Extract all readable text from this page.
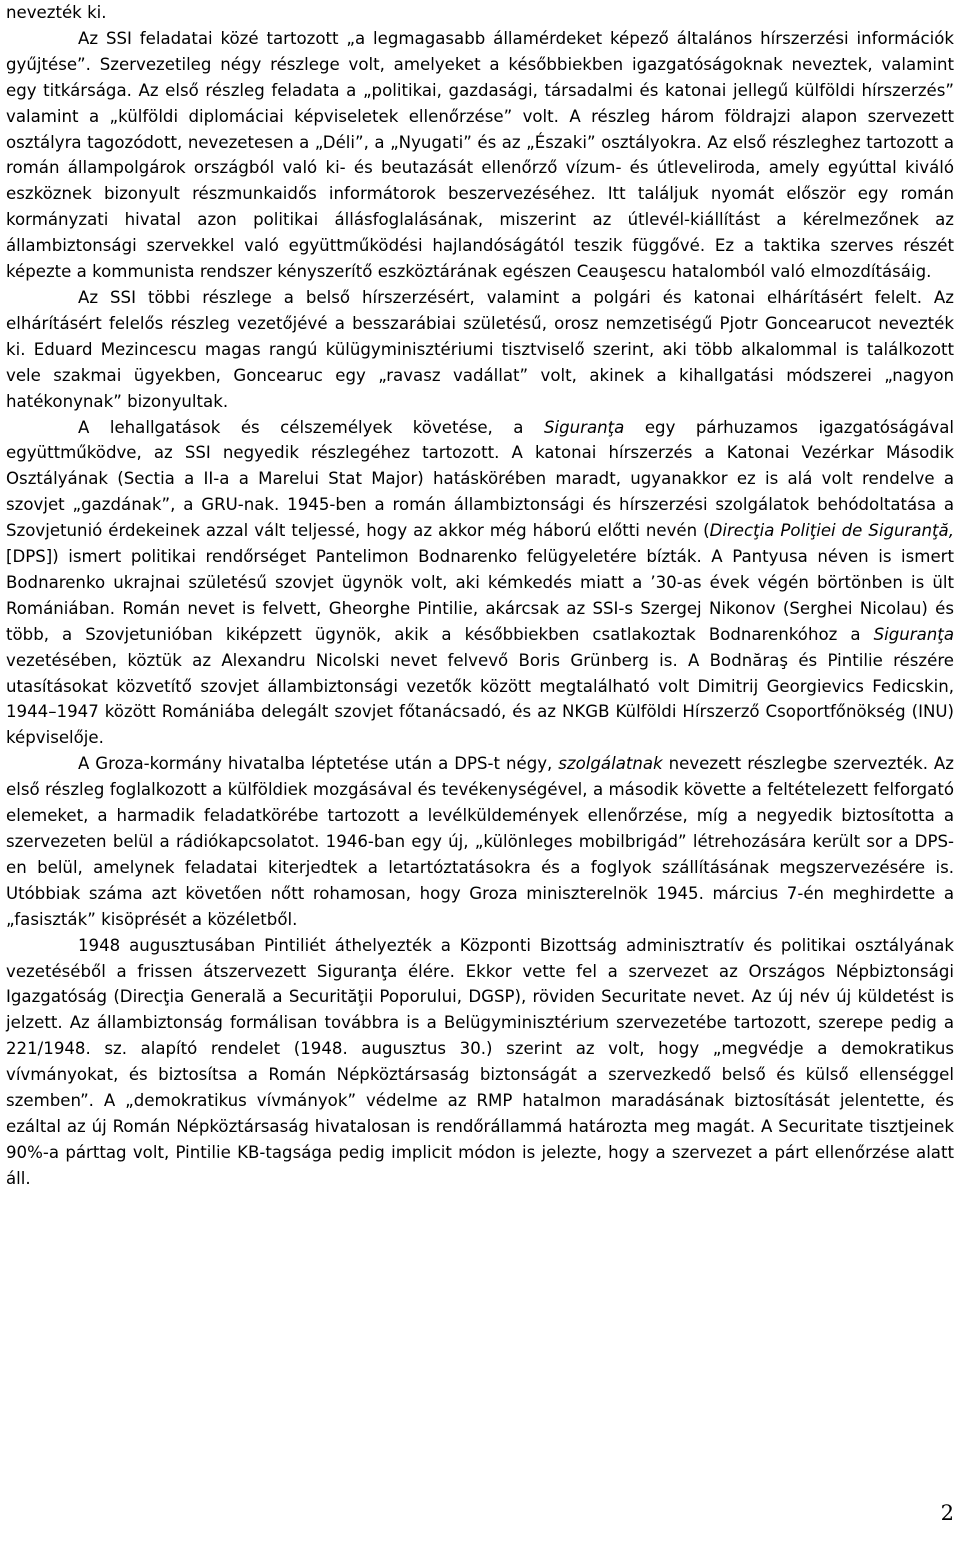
nevezték ki.

Az SSI feladatai közé tartozott „a legmagasabb államérdeket képező általános hírszerzési információk gyűjtése”. Szervezetileg négy részlege volt, amelyeket a későbbiekben igazgatóságoknak neveztek, valamint egy titkársága. Az első részleg feladata a „politikai, gazdasági, társadalmi és katonai jellegű külföldi hírszerzés” valamint a „külföldi diplomáciai képviseletek ellenőrzése” volt. A részleg három földrajzi alapon szervezett osztályra tagozódott, nevezetesen a „Déli”, a „Nyugati” és az „Északi” osztályokra. Az első részleghez tartozott a román állampolgárok országból való ki- és beutazását ellenőrző vízum- és útleveliroda, amely egyúttal kiváló eszköznek bizonyult részmunkaidős informátorok beszervezéséhez. Itt találjuk nyomát először egy román kormányzati hivatal azon politikai állásfoglalásának, miszerint az útlevél-kiállítást a kérelmezőnek az állambiztonsági szervekkel való együttműködési hajlandóságától teszik függővé. Ez a taktika szerves részét képezte a kommunista rendszer kényszerítő eszköztárának egészen Ceauşescu hatalomból való elmozdításáig.

Az SSI többi részlege a belső hírszerzésért, valamint a polgári és katonai elhárításért felelt. Az elhárításért felelős részleg vezetőjévé a besszarábiai születésű, orosz nemzetiségű Pjotr Goncearucot nevezték ki. Eduard Mezincescu magas rangú külügyminisztériumi tisztviselő szerint, aki több alkalommal is találkozott vele szakmai ügyekben, Goncearuc egy „ravasz vadállat” volt, akinek a kihallgatási módszerei „nagyon hatékonynak” bizonyultak.

A lehallgatások és célszemélyek követése, a Siguranţa egy párhuzamos igazgatóságával együttműködve, az SSI negyedik részlegéhez tartozott. A katonai hírszerzés a Katonai Vezérkar Második Osztályának (Sectia a II-a a Marelui Stat Major) hatáskörében maradt, ugyanakkor ez is alá volt rendelve a szovjet „gazdának”, a GRU-nak. 1945-ben a román állambiztonsági és hírszerzési szolgálatok behódoltatása a Szovjetunió érdekeinek azzal vált teljessé, hogy az akkor még háború előtti nevén (Direcţia Poliţiei de Siguranţă, [DPS]) ismert politikai rendőrséget Pantelimon Bodnarenko felügyeletére bízták. A Pantyusa néven is ismert Bodnarenko ukrajnai születésű szovjet ügynök volt, aki kémkedés miatt a ’30-as évek végén börtönben is ült Romániában. Román nevet is felvett, Gheorghe Pintilie, akárcsak az SSI-s Szergej Nikonov (Serghei Nicolau) és több, a Szovjetunióban kiképzett ügynök, akik a későbbiekben csatlakoztak Bodnarenkóhoz a Siguranţa vezetésében, köztük az Alexandru Nicolski nevet felvevő Boris Grünberg is. A Bodnăraş és Pintilie részére utasításokat közvetítő szovjet állambiztonsági vezetők között megtalálható volt Dimitrij Georgievics Fedicskin, 1944–1947 között Romániába delegált szovjet főtanácsadó, és az NKGB Külföldi Hírszerző Csoportfőnökség (INU) képviselője.

A Groza-kormány hivatalba léptetése után a DPS-t négy, szolgálatnak nevezett részlegbe szervezték. Az első részleg foglalkozott a külföldiek mozgásával és tevékenységével, a második követte a feltételezett felforgató elemeket, a harmadik feladatkörébe tartozott a levélküldemények ellenőrzése, míg a negyedik biztosította a szervezeten belül a rádiókapcsolatot. 1946-ban egy új, „különleges mobilbrigád” létrehozására került sor a DPS-en belül, amelynek feladatai kiterjedtek a letartóztatásokra és a foglyok szállításának megszervezésére is. Utóbbiak száma azt követően nőtt rohamosan, hogy Groza miniszterelnök 1945. március 7-én meghirdette a „fasiszták” kisöprését a közéletből.

1948 augusztusában Pintiliét áthelyezték a Központi Bizottság adminisztratív és politikai osztályának vezetéséből a frissen átszervezett Siguranţa élére. Ekkor vette fel a szervezet az Országos Népbiztonsági Igazgatóság (Direcţia Generală a Securităţii Poporului, DGSP), röviden Securitate nevet. Az új név új küldetést is jelzett. Az állambiztonság formálisan továbbra is a Belügyminisztérium szervezetébe tartozott, szerepe pedig a 221/1948. sz. alapító rendelet (1948. augusztus 30.) szerint az volt, hogy „megvédje a demokratikus vívmányokat, és biztosítsa a Román Népköztársaság biztonságát a szervezkedő belső és külső ellenséggel szemben”. A „demokratikus vívmányok” védelme az RMP hatalmon maradásának biztosítását jelentette, és ezáltal az új Román Népköztársaság hivatalosan is rendőrállammá határozta meg magát. A Securitate tisztjeinek 90%-a párttag volt, Pintilie KB-tagsága pedig implicit módon is jelezte, hogy a szervezet a párt ellenőrzése alatt áll.

2
